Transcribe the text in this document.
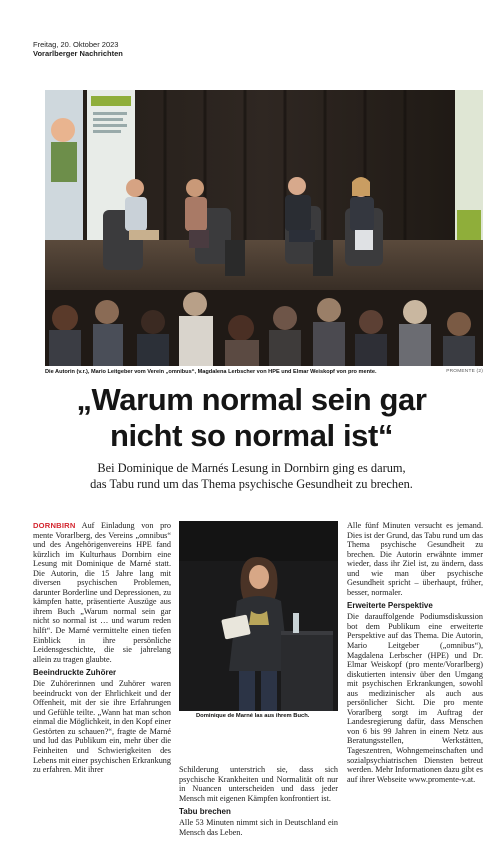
Freitag, 20. Oktober 2023
Vorarlberger Nachrichten
Die Autorin (v.r.), Mario Leitgeber vom Verein „omnibus“, Magdalena Lerbscher von HPE und Elmar Weiskopf von pro mente.	PROMENTE (2)
„Warum normal sein gar
nicht so normal ist“
Bei Dominique de Marnés Lesung in Dornbirn ging es darum,
das Tabu rund um das Thema psychische Gesundheit zu brechen.

DORNBIRN Auf Einladung von pro mente Vorarlberg, des Vereins „omnibus“ und des Angehörigenvereins HPE fand kürzlich im Kulturhaus Dornbirn eine Lesung mit Dominique de Marné statt. Die Autorin, die 15 Jahre lang mit diversen psychischen Problemen, darunter Borderline und Depressionen, zu kämpfen hatte, präsentierte Auszüge aus ihrem Buch „Warum normal sein gar nicht so normal ist … und warum reden hilft“. De Marné vermittelte einen tiefen Einblick in ihre persönliche Leidensgeschichte, die sie jahrelang allein zu tragen glaubte.

Beeindruckte Zuhörer

Die Zuhörerinnen und Zuhörer waren beeindruckt von der Ehrlichkeit und der Offenheit, mit der sie ihre Erfahrungen und Gefühle teilte. „Wann hat man schon einmal die Möglichkeit, in den Kopf einer Gestörten zu schauen?“, fragte de Marné und lud das Publikum ein, mehr über die Feinheiten und Schwierigkeiten des Lebens mit einer psychischen Erkrankung zu erfahren. Mit ihrer

Dominique de Marné las aus ihrem Buch.

Schilderung unterstrich sie, dass sich psychische Krankheiten und Normalität oft nur in Nuancen unterscheiden und dass jeder Mensch mit eigenen Kämpfen konfrontiert ist.

Tabu brechen

Alle 53 Minuten nimmt sich in Deutschland ein Mensch das Leben.

Alle fünf Minuten versucht es jemand. Dies ist der Grund, das Tabu rund um das Thema psychische Gesundheit zu brechen. Die Autorin erwähnte immer wieder, dass ihr Ziel ist, zu ändern, dass und wie man über psychische Gesundheit spricht – überhaupt, früher, besser, normaler.

Erweiterte Perspektive

Die darauffolgende Podiumsdiskussion bot dem Publikum eine erweiterte Perspektive auf das Thema. Die Autorin, Mario Leitgeber („omnibus“), Magdalena Lerbscher (HPE) und Dr. Elmar Weiskopf (pro mente/Vorarlberg) diskutierten intensiv über den Umgang mit psychischen Erkrankungen, sowohl aus medizinischer als auch aus persönlicher Sicht. Die pro mente Vorarlberg sorgt im Auftrag der Landesregierung dafür, dass Menschen von 6 bis 99 Jahren in einem Netz aus Beratungsstellen, Werkstätten, Tageszentren, Wohngemeinschaften und sozialpsychiatrischen Diensten betreut werden. Mehr Informationen dazu gibt es auf ihrer Webseite www.promente-v.at.
